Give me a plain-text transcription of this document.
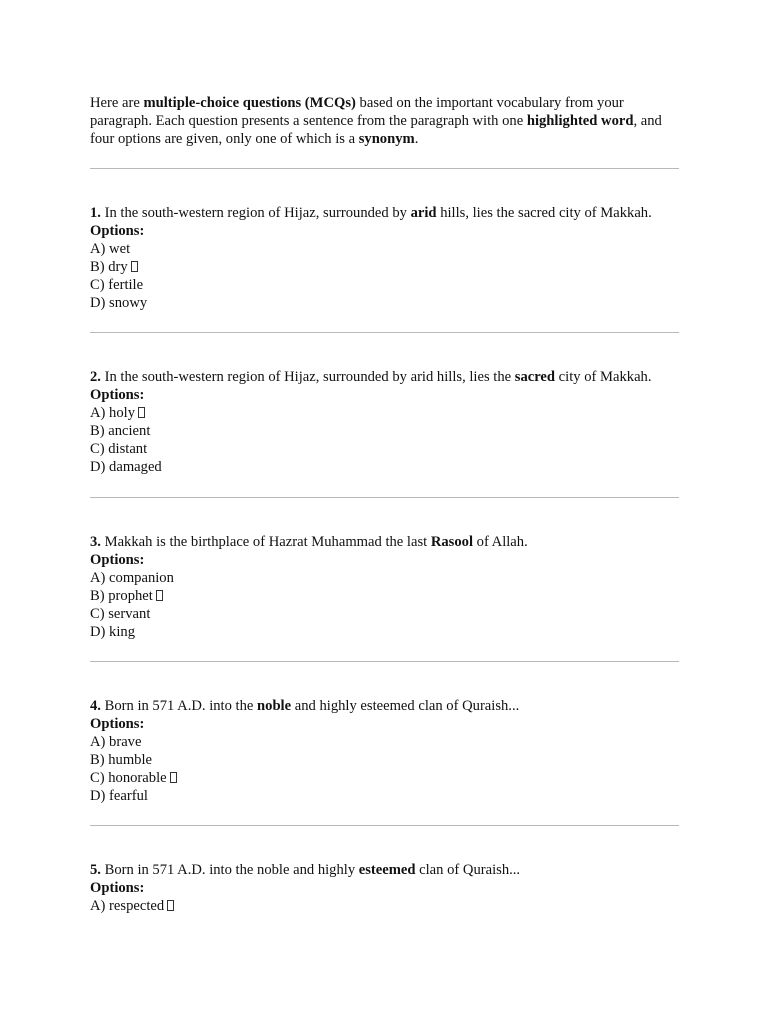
Here are multiple-choice questions (MCQs) based on the important vocabulary from your paragraph. Each question presents a sentence from the paragraph with one highlighted word, and four options are given, only one of which is a synonym.
1. In the south-western region of Hijaz, surrounded by arid hills, lies the sacred city of Makkah.
Options:
A) wet
B) dry
C) fertile
D) snowy
2. In the south-western region of Hijaz, surrounded by arid hills, lies the sacred city of Makkah.
Options:
A) holy
B) ancient
C) distant
D) damaged
3. Makkah is the birthplace of Hazrat Muhammad the last Rasool of Allah.
Options:
A) companion
B) prophet
C) servant
D) king
4. Born in 571 A.D. into the noble and highly esteemed clan of Quraish...
Options:
A) brave
B) humble
C) honorable
D) fearful
5. Born in 571 A.D. into the noble and highly esteemed clan of Quraish...
Options:
A) respected
